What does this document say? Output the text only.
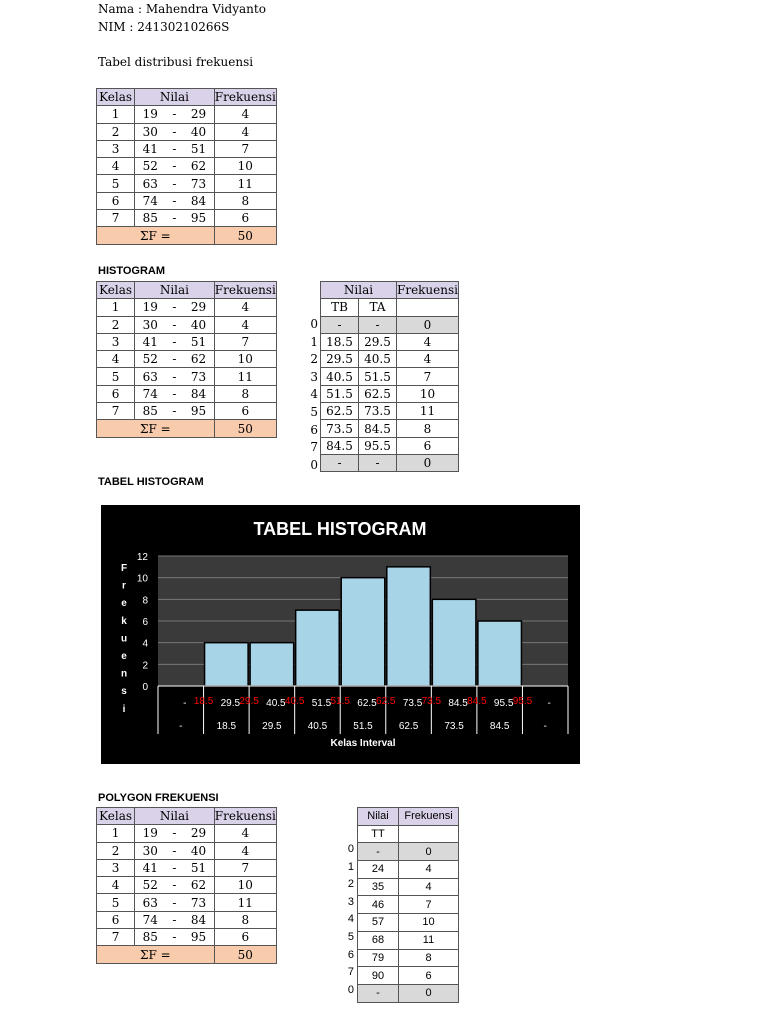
Nama : Mahendra Vidyanto
NIM : 24130210266S
Tabel distribusi frekuensi
Kelas	Nilai			Frekuensi
1	19	-	29	4
2	30	-	40	4
3	41	-	51	7
4	52	-	62	10
5	63	-	73	11
6	74	-	84	8
7	85	-	95	6
ΣF =				50
HISTOGRAM
Kelas	Nilai			Frekuensi
1	19	-	29	4
2	30	-	40	4
3	41	-	51	7
4	52	-	62	10
5	63	-	73	11
6	74	-	84	8
7	85	-	95	6
ΣF =				50
0
1
2
3
4
5
6
7
0
Nilai		Frekuensi
TB	TA	
-	-	0
18.5	29.5	4
29.5	40.5	4
40.5	51.5	7
51.5	62.5	10
62.5	73.5	11
73.5	84.5	8
84.5	95.5	6
-	-	0
TABEL HISTOGRAM
0
2
4
6
8
10
12
-	29.5	40.5	51.5	62.5	73.5	84.5	95.5	-
-	18.5	29.5	40.5	51.5	62.5	73.5	84.5	-
18.5	29.5	40.5	51.5	62.5	73.5	84.5	95.5
TABEL HISTOGRAM
Kelas Interval
F
r
e
k
u
e
n
s
i
POLYGON FREKUENSI
Kelas	Nilai			Frekuensi
1	19	-	29	4
2	30	-	40	4
3	41	-	51	7
4	52	-	62	10
5	63	-	73	11
6	74	-	84	8
7	85	-	95	6
ΣF =				50
0
1
2
3
4
5
6
7
0
Nilai	Frekuensi
TT	
-	0
24	4
35	4
46	7
57	10
68	11
79	8
90	6
-	0
